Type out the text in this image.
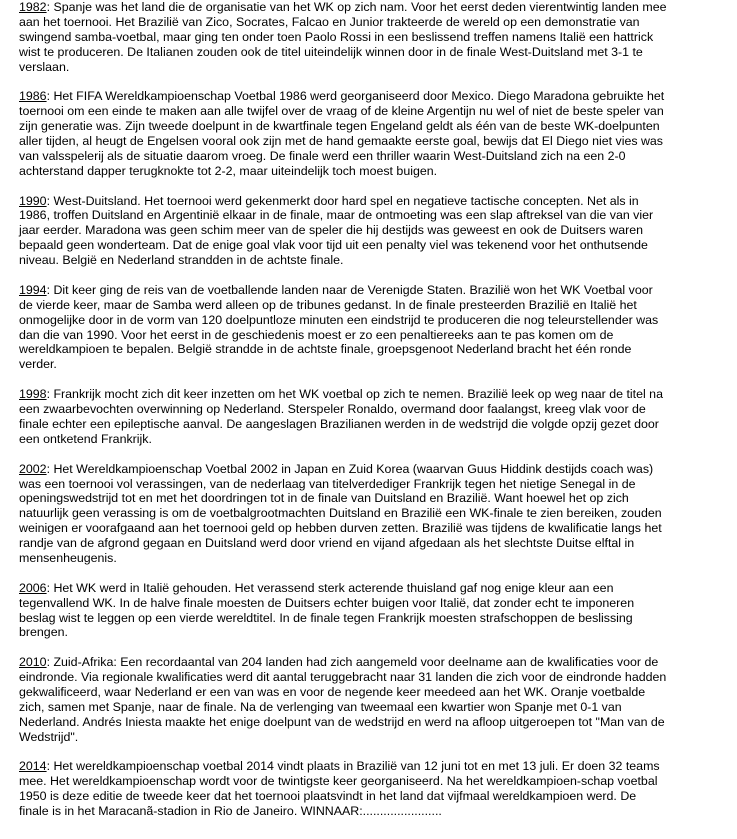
1982: Spanje was het land die de organisatie van het WK op zich nam. Voor het eerst deden vierentwintig landen mee
aan het toernooi. Het Brazilië van Zico, Socrates, Falcao en Junior trakteerde de wereld op een demonstratie van
swingend samba-voetbal, maar ging ten onder toen Paolo Rossi in een beslissend treffen namens Italië een hattrick
wist te produceren. De Italianen zouden ook de titel uiteindelijk winnen door in de finale West-Duitsland met 3-1 te
verslaan.
1986: Het FIFA Wereldkampioenschap Voetbal 1986 werd georganiseerd door Mexico. Diego Maradona gebruikte het
toernooi om een einde te maken aan alle twijfel over de vraag of de kleine Argentijn nu wel of niet de beste speler van
zijn generatie was. Zijn tweede doelpunt in de kwartfinale tegen Engeland geldt als één van de beste WK-doelpunten
aller tijden, al heugt de Engelsen vooral ook zijn met de hand gemaakte eerste goal, bewijs dat El Diego niet vies was
van valsspelerij als de situatie daarom vroeg. De finale werd een thriller waarin West-Duitsland zich na een 2-0
achterstand dapper terugknokte tot 2-2, maar uiteindelijk toch moest buigen.
1990: West-Duitsland. Het toernooi werd gekenmerkt door hard spel en negatieve tactische concepten. Net als in
1986, troffen Duitsland en Argentinië elkaar in de finale, maar de ontmoeting was een slap aftreksel van die van vier
jaar eerder. Maradona was geen schim meer van de speler die hij destijds was geweest en ook de Duitsers waren
bepaald geen wonderteam. Dat de enige goal vlak voor tijd uit een penalty viel was tekenend voor het onthutsende
niveau. België en Nederland strandden in de achtste finale.
1994: Dit keer ging de reis van de voetballende landen naar de Verenigde Staten. Brazilië won het WK Voetbal voor
de vierde keer, maar de Samba werd alleen op de tribunes gedanst. In de finale presteerden Brazilië en Italië het
onmogelijke door in de vorm van 120 doelpuntloze minuten een eindstrijd te produceren die nog teleurstellender was
dan die van 1990. Voor het eerst in de geschiedenis moest er zo een penaltiereeks aan te pas komen om de
wereldkampioen te bepalen. België strandde in de achtste finale, groepsgenoot Nederland bracht het één ronde
verder.
1998: Frankrijk mocht zich dit keer inzetten om het WK voetbal op zich te nemen. Brazilië leek op weg naar de titel na
een zwaarbevochten overwinning op Nederland. Sterspeler Ronaldo, overmand door faalangst, kreeg vlak voor de
finale echter een epileptische aanval. De aangeslagen Brazilianen werden in de wedstrijd die volgde opzij gezet door
een ontketend Frankrijk.
2002: Het Wereldkampioenschap Voetbal 2002 in Japan en Zuid Korea (waarvan Guus Hiddink destijds coach was)
was een toernooi vol verassingen, van de nederlaag van titelverdediger Frankrijk tegen het nietige Senegal in de
openingswedstrijd tot en met het doordringen tot in de finale van Duitsland en Brazilië. Want hoewel het op zich
natuurlijk geen verassing is om de voetbalgrootmachten Duitsland en Brazilië een WK-finale te zien bereiken, zouden
weinigen er voorafgaand aan het toernooi geld op hebben durven zetten. Brazilië was tijdens de kwalificatie langs het
randje van de afgrond gegaan en Duitsland werd door vriend en vijand afgedaan als het slechtste Duitse elftal in
mensenheugenis.
2006: Het WK werd in Italië gehouden. Het verassend sterk acterende thuisland gaf nog enige kleur aan een
tegenvallend WK. In de halve finale moesten de Duitsers echter buigen voor Italië, dat zonder echt te imponeren
beslag wist te leggen op een vierde wereldtitel. In de finale tegen Frankrijk moesten strafschoppen de beslissing
brengen.
2010: Zuid-Afrika: Een recordaantal van 204 landen had zich aangemeld voor deelname aan de kwalificaties voor de
eindronde. Via regionale kwalificaties werd dit aantal teruggebracht naar 31 landen die zich voor de eindronde hadden
gekwalificeerd, waar Nederland er een van was en voor de negende keer meedeed aan het WK. Oranje voetbalde
zich, samen met Spanje, naar de finale. Na de verlenging van tweemaal een kwartier won Spanje met 0-1 van
Nederland. Andrés Iniesta maakte het enige doelpunt van de wedstrijd en werd na afloop uitgeroepen tot "Man van de
Wedstrijd".
2014: Het wereldkampioenschap voetbal 2014 vindt plaats in Brazilië van 12 juni tot en met 13 juli. Er doen 32 teams
mee. Het wereldkampioenschap wordt voor de twintigste keer georganiseerd. Na het wereldkampioen-schap voetbal
1950 is deze editie de tweede keer dat het toernooi plaatsvindt in het land dat vijfmaal wereldkampioen werd. De
finale is in het Maracanã-stadion in Rio de Janeiro. WINNAAR:.......................
